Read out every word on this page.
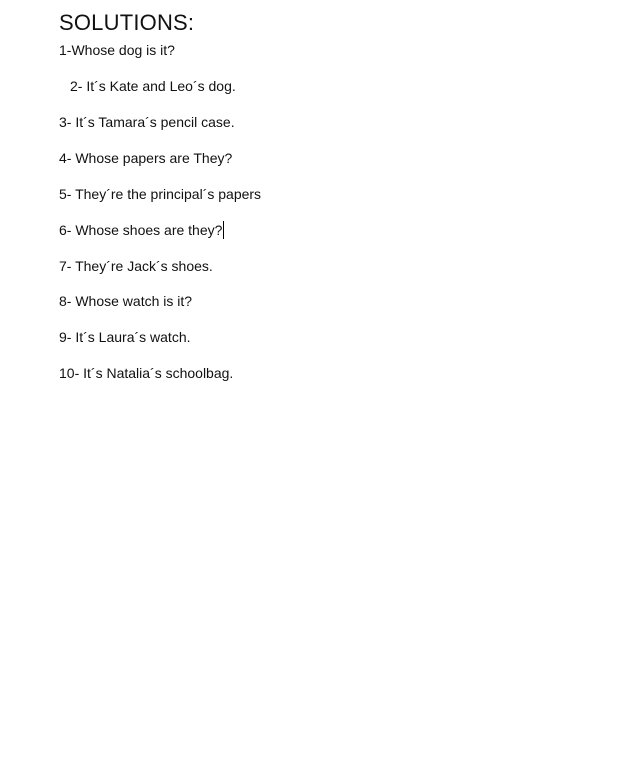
SOLUTIONS:
1-Whose dog is it?
2- It´s Kate and Leo´s dog.
3- It´s Tamara´s pencil case.
4- Whose papers are They?
5- They´re the principal´s papers
6- Whose shoes are they?
7- They´re Jack´s shoes.
8- Whose watch is it?
9- It´s Laura´s watch.
10- It´s Natalia´s schoolbag.
